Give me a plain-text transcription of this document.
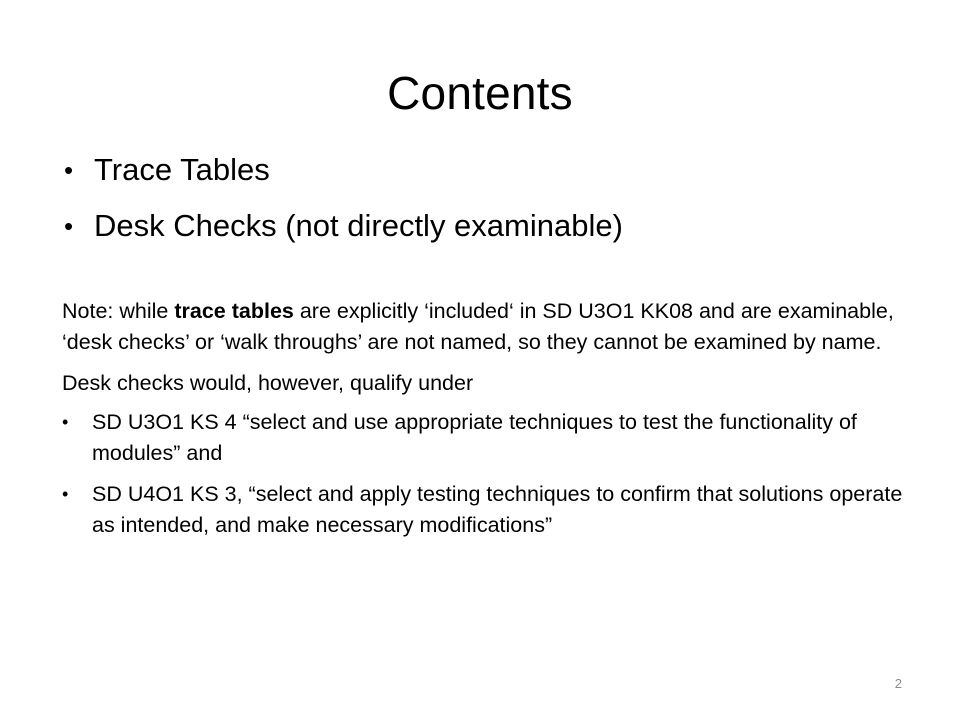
Contents
• Trace Tables
• Desk Checks (not directly examinable)

Note: while trace tables are explicitly ‘included‘ in SD U3O1 KK08 and are examinable, ‘desk checks’ or ‘walk throughs’ are not named, so they cannot be examined by name.

Desk checks would, however, qualify under

•	SD U3O1 KS 4 “select and use appropriate techniques to test the functionality of modules” and
•	SD U4O1 KS 3, “select and apply testing techniques to confirm that solutions operate as intended, and make necessary modifications”
2
